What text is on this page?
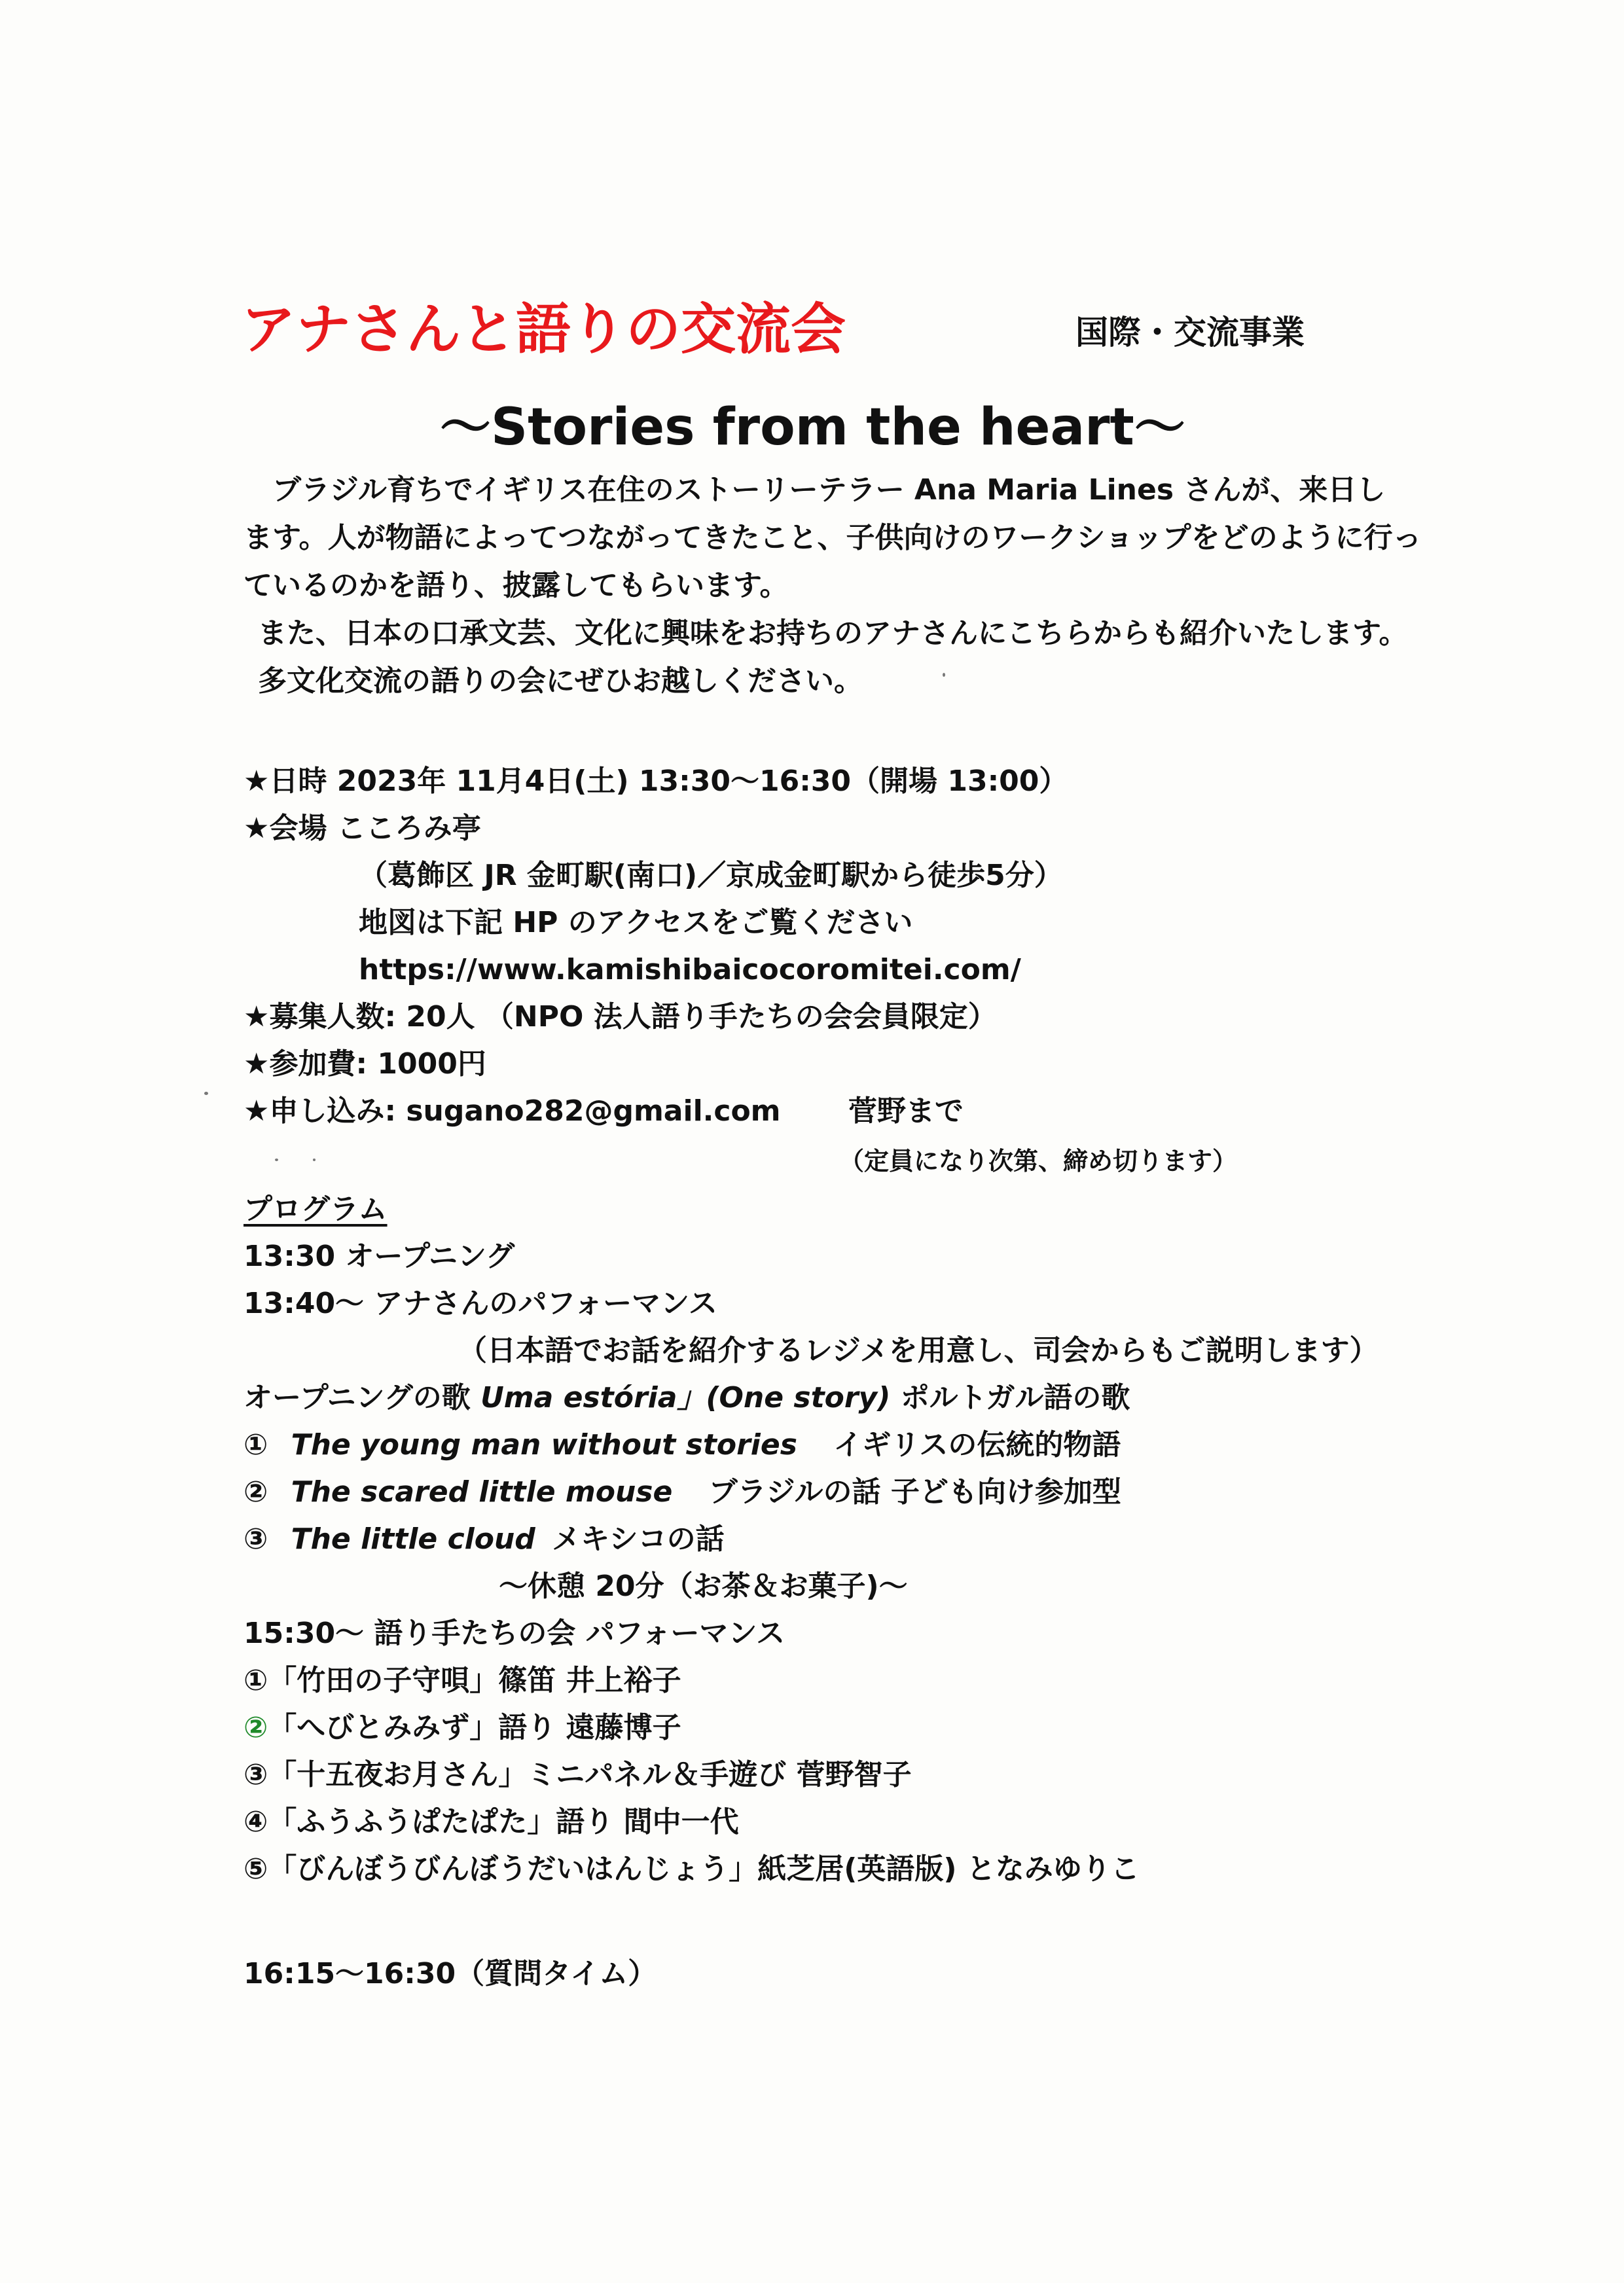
アナさんと語りの交流会	国際・交流事業
～Stories from the heart～

ブラジル育ちでイギリス在住のストーリーテラー Ana Maria Lines さんが、来日し

ます。人が物語によってつながってきたこと、子供向けのワークショップをどのように行っ

ているのかを語り、披露してもらいます。

また、日本の口承文芸、文化に興味をお持ちのアナさんにこちらからも紹介いたします。

多文化交流の語りの会にぜひお越しください。

★日時 2023年 11月4日(土) 13:30～16:30（開場 13:00）
★会場 こころみ亭
（葛飾区 JR 金町駅(南口)／京成金町駅から徒歩5分）
地図は下記 HP のアクセスをご覧ください
https://www.kamishibaicocoromitei.com/
★募集人数: 20人 （NPO 法人語り手たちの会会員限定）
★参加費: 1000円
★申し込み: sugano282@gmail.com 菅野まで
（定員になり次第、締め切ります）
プログラム
13:30 オープニング
13:40～ アナさんのパフォーマンス
（日本語でお話を紹介するレジメを用意し、司会からもご説明します）
オープニングの歌 Uma estória」(One story) ポルトガル語の歌
① The young man without stories イギリスの伝統的物語
② The scared little mouse ブラジルの話 子ども向け参加型
③ The little cloud メキシコの話
～休憩 20分（お茶＆お菓子)～
15:30～ 語り手たちの会 パフォーマンス
①「竹田の子守唄」篠笛 井上裕子
②「へびとみみず」語り 遠藤博子
③「十五夜お月さん」ミニパネル＆手遊び 菅野智子
④「ふうふうぱたぱた」語り 間中一代
⑤「びんぼうびんぼうだいはんじょう」紙芝居(英語版) となみゆりこ
16:15～16:30（質問タイム）
